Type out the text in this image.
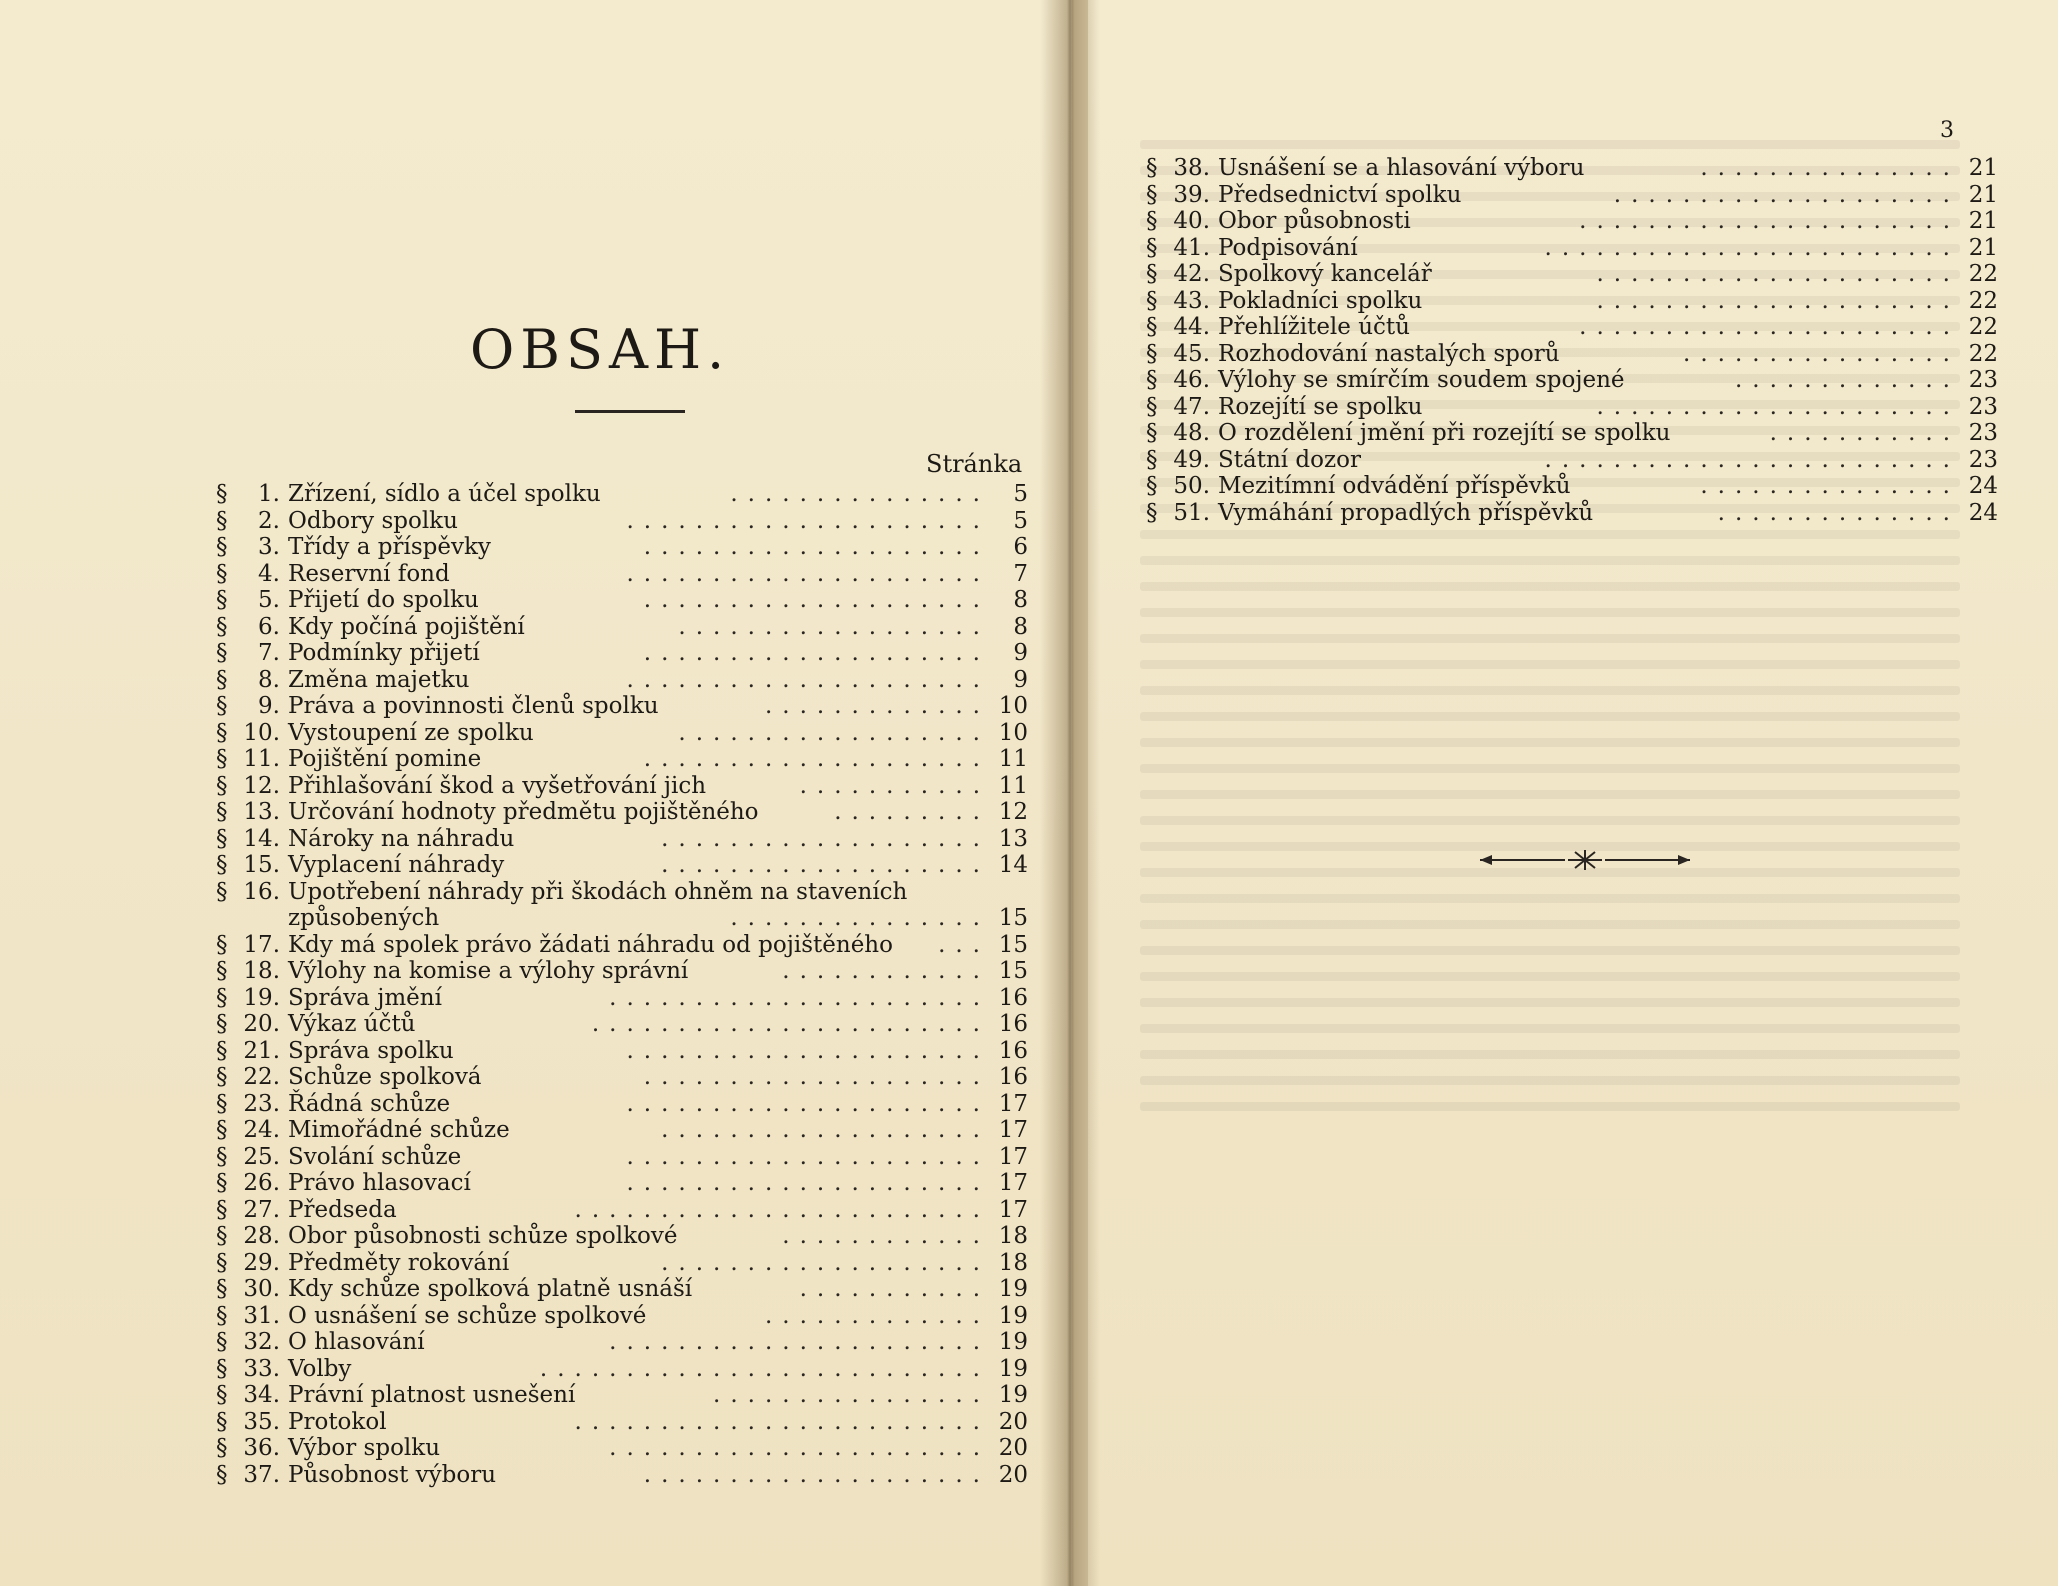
OBSAH.
Stránka
§ 1. Zřízení, sídlo a účel spolku	............... 5
§ 2. Odbory spolku	..................... 5
§ 3. Třídy a příspěvky	.................... 6
§ 4. Reservní fond	..................... 7
§ 5. Přijetí do spolku	.................... 8
§ 6. Kdy počíná pojištění	.................. 8
§ 7. Podmínky přijetí	.................... 9
§ 8. Změna majetku	..................... 9
§ 9. Práva a povinnosti členů spolku	............. 10
§ 10. Vystoupení ze spolku	.................. 10
§ 11. Pojištění pomine	.................... 11
§ 12. Přihlašování škod a vyšetřování jich	........... 11
§ 13. Určování hodnoty předmětu pojištěného	......... 12
§ 14. Nároky na náhradu	................... 13
§ 15. Vyplacení náhrady	................... 14
§ 16. Upotřebení náhrady při škodách ohněm na staveních způsobených	............... 15
§ 17. Kdy má spolek právo žádati náhradu od pojištěného ... 15
§ 18. Výlohy na komise a výlohy správní	............ 15
§ 19. Správa jmění	...................... 16
§ 20. Výkaz účtů	....................... 16
§ 21. Správa spolku	..................... 16
§ 22. Schůze spolková	.................... 16
§ 23. Řádná schůze	..................... 17
§ 24. Mimořádné schůze	................... 17
§ 25. Svolání schůze	..................... 17
§ 26. Právo hlasovací	..................... 17
§ 27. Předseda	........................ 17
§ 28. Obor působnosti schůze spolkové	............ 18
§ 29. Předměty rokování	................... 18
§ 30. Kdy schůze spolková platně usnáší	........... 19
§ 31. O usnášení se schůze spolkové	............. 19
§ 32. O hlasování	...................... 19
§ 33. Volby	.......................... 19
§ 34. Právní platnost usnešení	................ 19
§ 35. Protokol	........................ 20
§ 36. Výbor spolku	...................... 20
§ 37. Působnost výboru	.................... 20
3
§ 38. Usnášení se a hlasování výboru	............... 21
§ 39. Předsednictví spolku	.................... 21
§ 40. Obor působnosti	...................... 21
§ 41. Podpisování	........................ 21
§ 42. Spolkový kancelář	..................... 22
§ 43. Pokladníci spolku	..................... 22
§ 44. Přehlížitele účtů	...................... 22
§ 45. Rozhodování nastalých sporů	................ 22
§ 46. Výlohy se smírčím soudem spojené	............. 23
§ 47. Rozejítí se spolku	..................... 23
§ 48. O rozdělení jmění při rozejítí se spolku	........... 23
§ 49. Státní dozor	........................ 23
§ 50. Mezitímní odvádění příspěvků	............... 24
§ 51. Vymáhání propadlých příspěvků	.............. 24
